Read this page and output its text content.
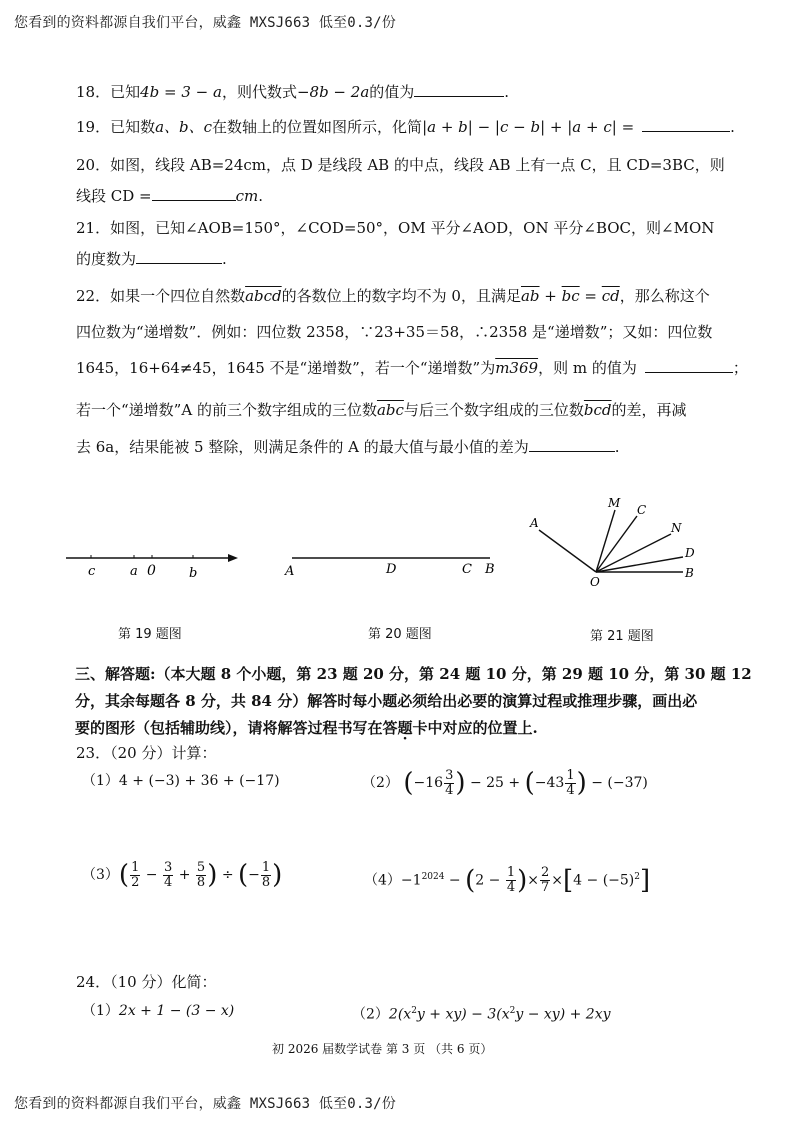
您看到的资料都源自我们平台，威鑫 MXSJ663 低至0.3/份
18．已知4b = 3 − a，则代数式−8b − 2a的值为	.
19．已知数a、b、c在数轴上的位置如图所示，化简|a + b| − |c − b| + |a + c| =	.
20．如图，线段 AB=24cm，点 D 是线段 AB 的中点，线段 AB 上有一点 C，且 CD=3BC，则
线段 CD =	cm.
21．如图，已知∠AOB=150°，∠COD=50°，OM 平分∠AOD，ON 平分∠BOC，则∠MON
的度数为	.
22．如果一个四位自然数abcd的各数位上的数字均不为 0，且满足$\overline{ab} + \overline{bc} = \overline{cd}$，那么称这个
四位数为“递增数”．例如：四位数 2358，∵23+35＝58，∴2358 是“递增数”；又如：四位数
1645，16+64≠45，1645 不是“递增数”，若一个“递增数”为m369，则 m 的值为	；
若一个“递增数”A 的前三个数字组成的三位数$\overline{abc}$与后三个数字组成的三位数$\overline{bcd}$的差，再减
去 6a，结果能被 5 整除，则满足条件的 A 的最大值与最小值的差为	.
c	a 0	b
第 19 题图
A	D	C B
第 20 题图
A
M C
N
D
B
O
第 21 题图
三、解答题:（本大题 8 个小题，第 23 题 20 分，第 24 题 10 分，第 29 题 10 分，第 30 题 12
分，其余每题各 8 分，共 84 分）解答时每小题必须给出必要的演算过程或推理步骤，画出必
要的图形（包括辅助线），请将解答过程书写在答题卡中对应的位置上.
23．（20 分）计算：
（1）4 + (−3) + 36 + (−17)	（2） ($-16 \frac{3}{4}$ ) − $25 + (-43 \frac{1}{4}$ ) − (−37)
$(3)( \frac{1}{2} - \frac{3}{4} + \frac{5}{8}$ ) ÷ (− $\frac{1}{8}$ )	$(4)-1^{2024} - (2 - \frac{1}{4}$ )× $\frac{2}{7} \times[4 - (-5)^2]$
24．（10 分）化简：
（1）2x + 1 − (3 − x)	$(2)2(x^2y + xy) - 3(x^2y - xy) + 2xy$
初 2026 届数学试卷 第 3 页 （共 6 页）
您看到的资料都源自我们平台，威鑫 MXSJ663 低至0.3/份
